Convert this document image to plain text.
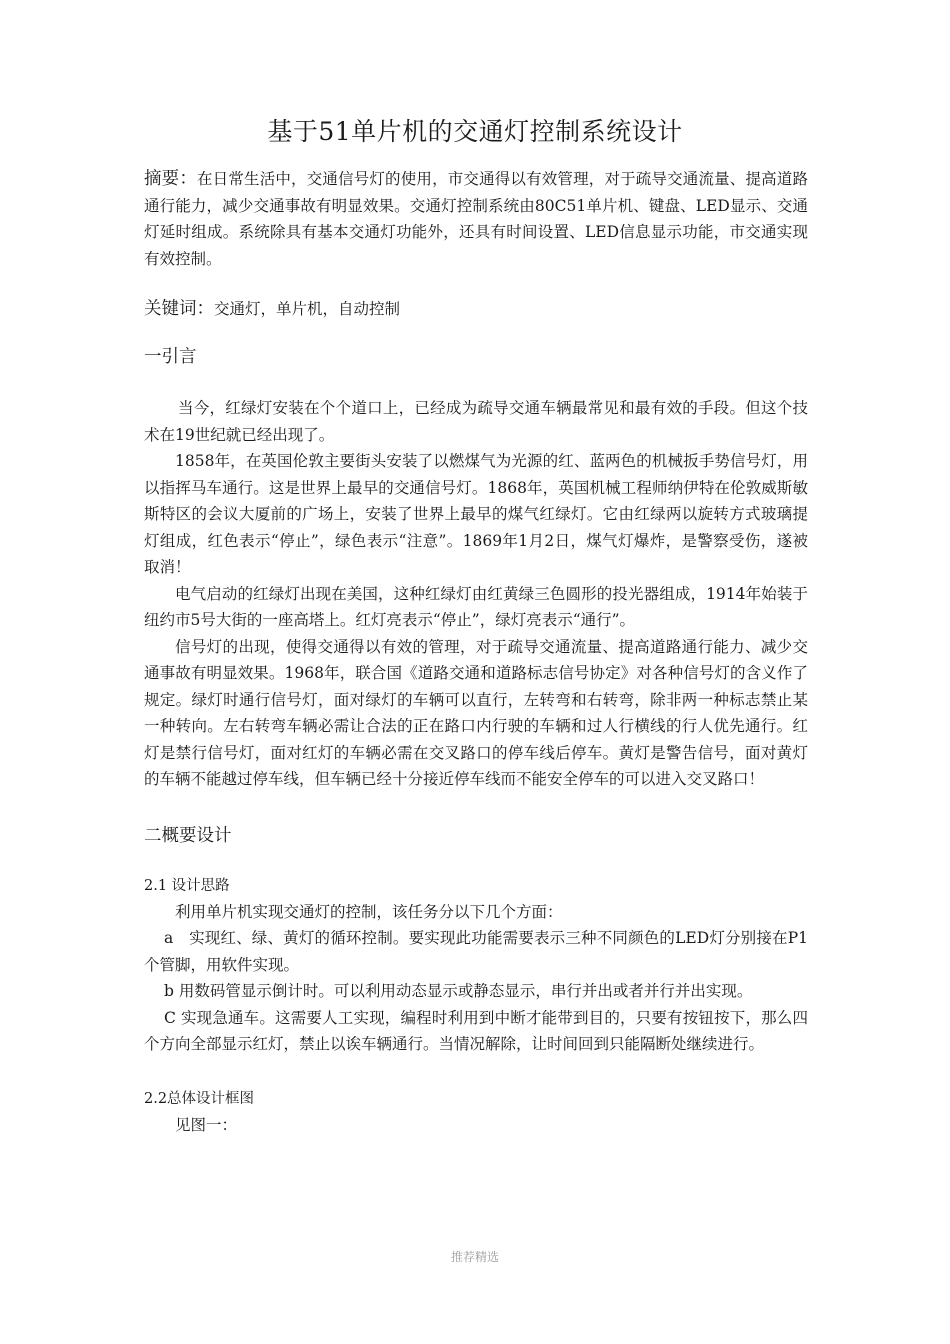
基于51单片机的交通灯控制系统设计

摘要：在日常生活中，交通信号灯的使用，市交通得以有效管理，对于疏导交通流量、提高道路通行能力，减少交通事故有明显效果。交通灯控制系统由80C51单片机、键盘、LED显示、交通灯延时组成。系统除具有基本交通灯功能外，还具有时间设置、LED信息显示功能，市交通实现有效控制。

关键词：交通灯，单片机，自动控制

一引言

当今，红绿灯安装在个个道口上，已经成为疏导交通车辆最常见和最有效的手段。但这个技术在19世纪就已经出现了。

1858年，在英国伦敦主要街头安装了以燃煤气为光源的红、蓝两色的机械扳手势信号灯，用以指挥马车通行。这是世界上最早的交通信号灯。1868年，英国机械工程师纳伊特在伦敦威斯敏斯特区的会议大厦前的广场上，安装了世界上最早的煤气红绿灯。它由红绿两以旋转方式玻璃提灯组成，红色表示“停止”，绿色表示“注意”。1869年1月2日，煤气灯爆炸，是警察受伤，遂被取消！

电气启动的红绿灯出现在美国，这种红绿灯由红黄绿三色圆形的投光器组成，1914年始装于纽约市5号大街的一座高塔上。红灯亮表示“停止”，绿灯亮表示“通行”。

信号灯的出现，使得交通得以有效的管理，对于疏导交通流量、提高道路通行能力、减少交通事故有明显效果。1968年，联合国《道路交通和道路标志信号协定》对各种信号灯的含义作了规定。绿灯时通行信号灯，面对绿灯的车辆可以直行，左转弯和右转弯，除非两一种标志禁止某一种转向。左右转弯车辆必需让合法的正在路口内行驶的车辆和过人行横线的行人优先通行。红灯是禁行信号灯，面对红灯的车辆必需在交叉路口的停车线后停车。黄灯是警告信号，面对黄灯的车辆不能越过停车线，但车辆已经十分接近停车线而不能安全停车的可以进入交叉路口！

二概要设计

2.1 设计思路

利用单片机实现交通灯的控制，该任务分以下几个方面：

a　实现红、绿、黄灯的循环控制。要实现此功能需要表示三种不同颜色的LED灯分别接在P1个管脚，用软件实现。

b 用数码管显示倒计时。可以利用动态显示或静态显示，串行并出或者并行并出实现。

C 实现急通车。这需要人工实现，编程时利用到中断才能带到目的，只要有按钮按下，那么四个方向全部显示红灯，禁止以诶车辆通行。当情况解除，让时间回到只能隔断处继续进行。

2.2总体设计框图

见图一：

推荐精选
